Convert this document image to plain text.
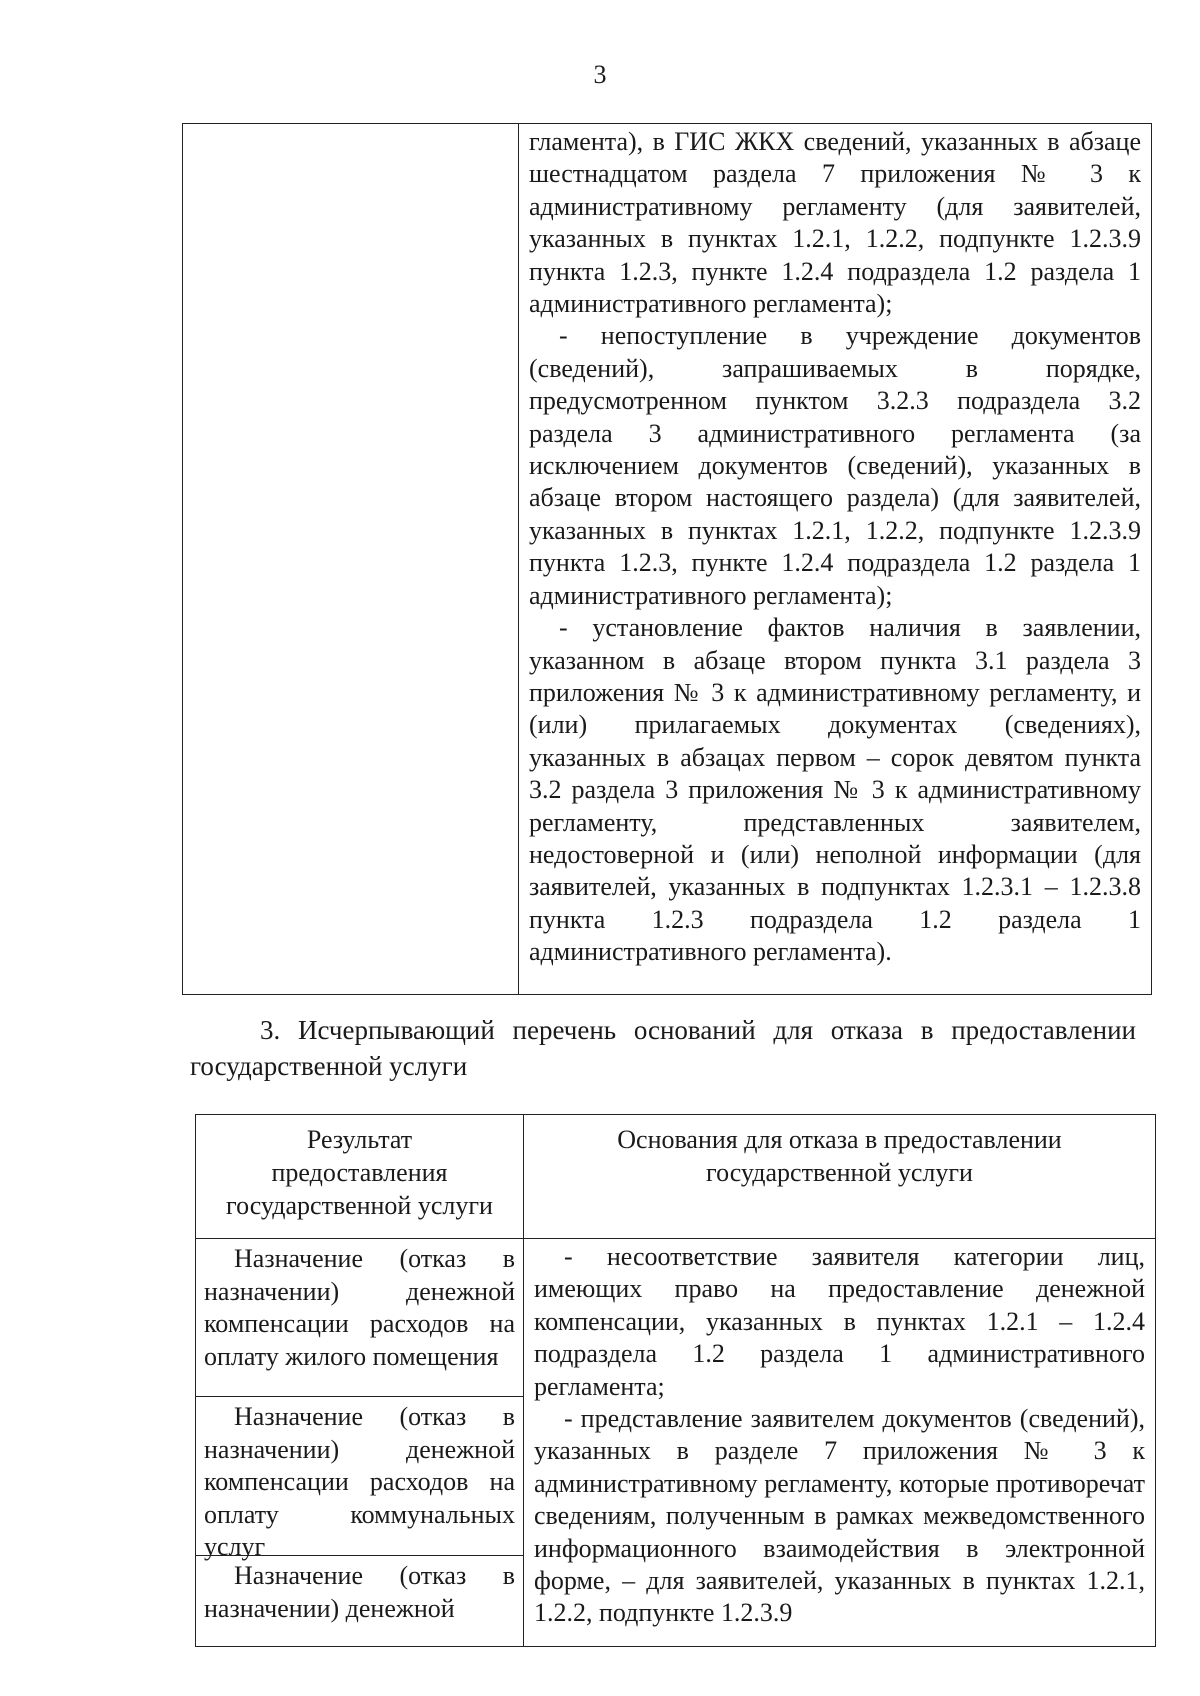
3

гламента), в ГИС ЖКХ сведений, указанных в абзаце шестнадцатом раздела 7 приложения № 3 к административному регламенту (для заявителей, указанных в пунктах 1.2.1, 1.2.2, подпункте 1.2.3.9 пункта 1.2.3, пункте 1.2.4 подраздела 1.2 раздела 1 административного регламента);

- непоступление в учреждение документов (сведений), запрашиваемых в порядке, предусмотренном пунктом 3.2.3 подраздела 3.2 раздела 3 административного регламента (за исключением документов (сведений), указанных в абзаце втором настоящего раздела) (для заявителей, указанных в пунктах 1.2.1, 1.2.2, подпункте 1.2.3.9 пункта 1.2.3, пункте 1.2.4 подраздела 1.2 раздела 1 административного регламента);

- установление фактов наличия в заявлении, указанном в абзаце втором пункта 3.1 раздела 3 приложения № 3 к административному регламенту, и (или) прилагаемых документах (сведениях), указанных в абзацах первом – сорок девятом пункта 3.2 раздела 3 приложения № 3 к административному регламенту, представленных заявителем, недостоверной и (или) неполной информации (для заявителей, указанных в подпунктах 1.2.3.1 – 1.2.3.8 пункта 1.2.3 подраздела 1.2 раздела 1 административного регламента).

3. Исчерпывающий перечень оснований для отказа в предоставлении государственной услуги

Результат предоставления государственной услуги
Основания для отказа в предоставлении государственной услуги
Назначение (отказ в назначении) денежной компенсации расходов на оплату жилого помещения
Назначение (отказ в назначении) денежной компенсации расходов на оплату коммунальных услуг
Назначение (отказ в назначении) денежной

- несоответствие заявителя категории лиц, имеющих право на предоставление денежной компенсации, указанных в пунктах 1.2.1 – 1.2.4 подраздела 1.2 раздела 1 административного регламента;

- представление заявителем документов (сведений), указанных в разделе 7 приложения № 3 к административному регламенту, которые противоречат сведениям, полученным в рамках межведомственного информационного взаимодействия в электронной форме, – для заявителей, указанных в пунктах 1.2.1, 1.2.2, подпункте 1.2.3.9
